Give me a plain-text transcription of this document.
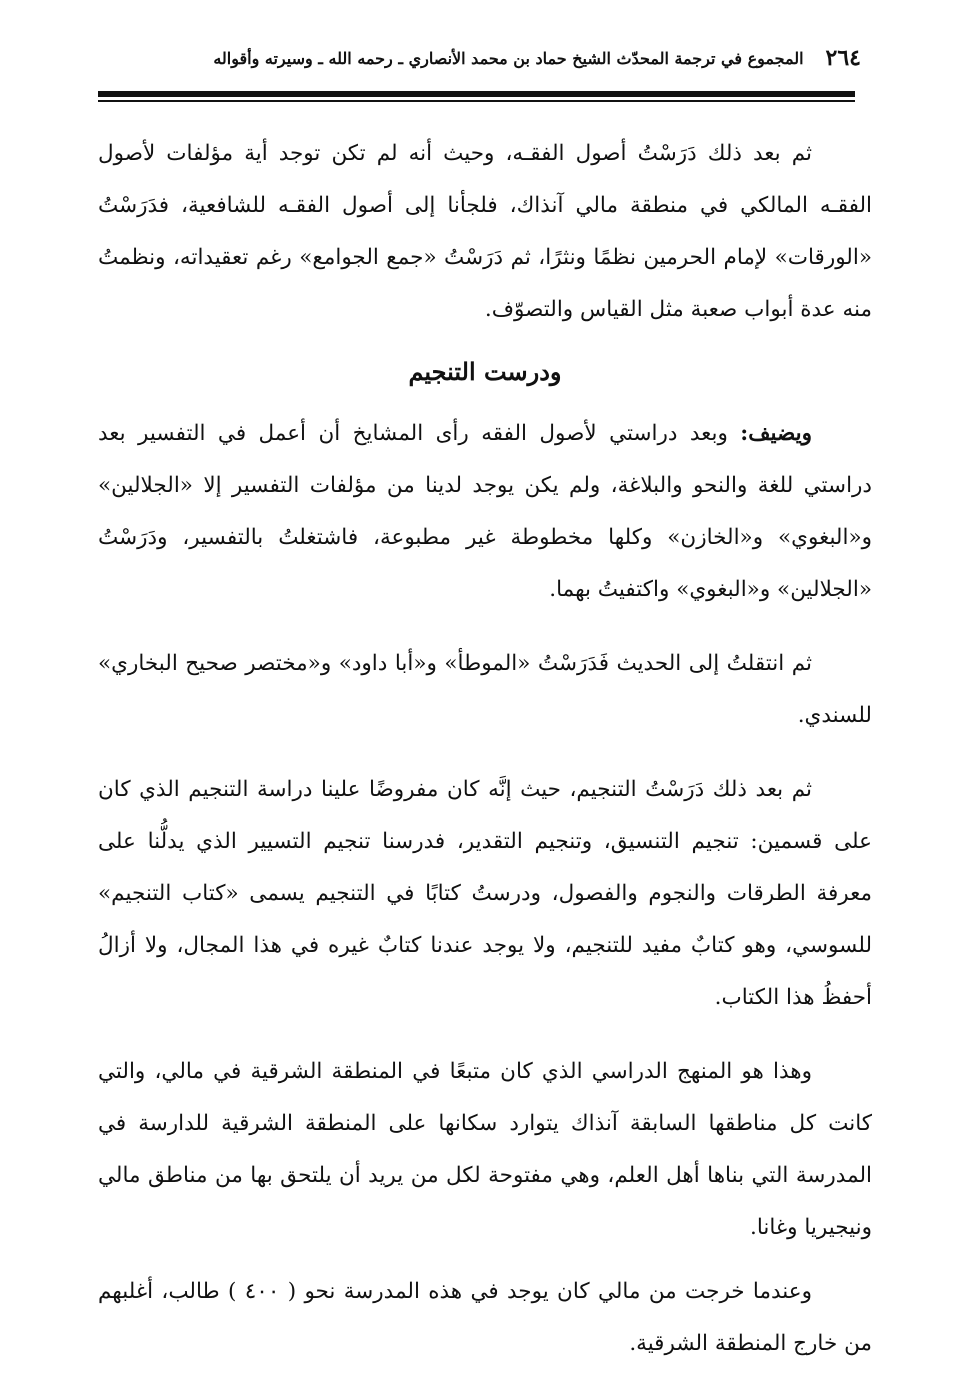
٢٦٤
المجموع في ترجمة المحدّث الشيخ حماد بن محمد الأنصاري ـ رحمه الله ـ وسيرته وأقواله

ثم بعد ذلك دَرَسْتُ أصول الفقـه، وحيث أنه لم تكن توجد أية مؤلفات لأصول الفقـه المالكي في منطقة مالي آنذاك، فلجأنا إلى أصول الفقـه للشافعية، فدَرَسْتُ «الورقات» لإمام الحرمين نظمًا ونثرًا، ثم دَرَسْتُ «جمع الجوامع» رغم تعقيداته، ونظمتُ منه عدة أبواب صعبة مثل القياس والتصوّف.

ودرست التنجيم

ويضيف: وبعد دراستي لأصول الفقه رأى المشايخ أن أعمل في التفسير بعد دراستي للغة والنحو والبلاغة، ولم يكن يوجد لدينا من مؤلفات التفسير إلا «الجلالين» و«البغوي» و«الخازن» وكلها مخطوطة غير مطبوعة، فاشتغلتُ بالتفسير، ودَرَسْتُ «الجلالين» و«البغوي» واكتفيتُ بهما.

ثم انتقلتُ إلى الحديث فَدَرَسْتُ «الموطأ» و«أبا داود» و«مختصر صحيح البخاري» للسندي.

ثم بعد ذلك دَرَسْتُ التنجيم، حيث إنَّه كان مفروضًا علينا دراسة التنجيم الذي كان على قسمين: تنجيم التنسيق، وتنجيم التقدير، فدرسنا تنجيم التسيير الذي يدلُّنا على معرفة الطرقات والنجوم والفصول، ودرستُ كتابًا في التنجيم يسمى «كتاب التنجيم» للسوسي، وهو كتابٌ مفيد للتنجيم، ولا يوجد عندنا كتابٌ غيره في هذا المجال، ولا أزالُ أحفظُ هذا الكتاب.

وهذا هو المنهج الدراسي الذي كان متبعًا في المنطقة الشرقية في مالي، والتي كانت كل مناطقها السابقة آنذاك يتوارد سكانها على المنطقة الشرقية للدارسة في المدرسة التي بناها أهل العلم، وهي مفتوحة لكل من يريد أن يلتحق بها من مناطق مالي ونيجيريا وغانا.

وعندما خرجت من مالي كان يوجد في هذه المدرسة نحو ( ٤٠٠ ) طالب، أغلبهم من خارج المنطقة الشرقية.
